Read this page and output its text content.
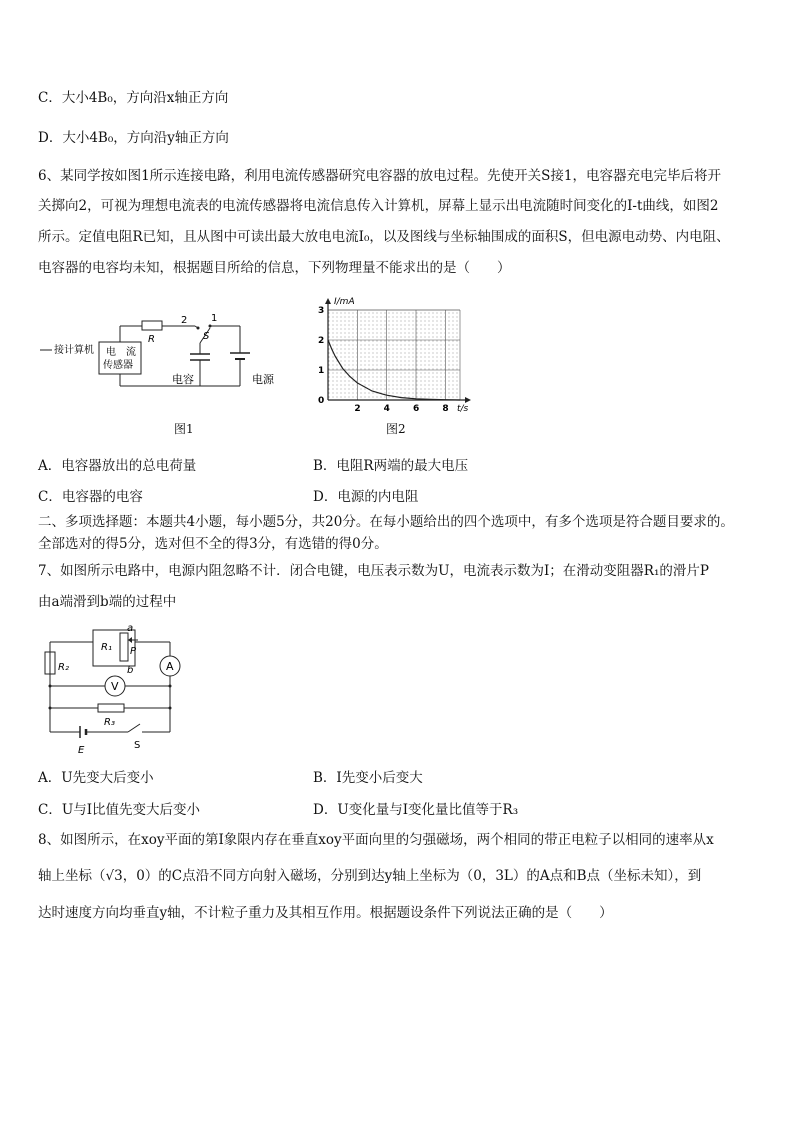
C．大小4B₀，方向沿x轴正方向
D．大小4B₀，方向沿y轴正方向
6、某同学按如图1所示连接电路，利用电流传感器研究电容器的放电过程。先使开关S接1，电容器充电完毕后将开
关掷向2，可视为理想电流表的电流传感器将电流信息传入计算机，屏幕上显示出电流随时间变化的I-t曲线，如图2
所示。定值电阻R已知，且从图中可读出最大放电电流I₀，以及图线与坐标轴围成的面积S，但电源电动势、内电阻、
电容器的电容均未知，根据题目所给的信息，下列物理量不能求出的是（　　）
接计算机 电　流
传感器
R
2 1
S
电容	电源
图1
2	4	6	8
0
1
2
3
I/mA
t/s
图2
A．电容器放出的总电荷量	B．电阻R两端的最大电压
C．电容器的电容	D．电源的内电阻
二、多项选择题：本题共4小题，每小题5分，共20分。在每小题给出的四个选项中，有多个选项是符合题目要求的。
全部选对的得5分，选对但不全的得3分，有选错的得0分。
7、如图所示电路中，电源内阻忽略不计．闭合电键，电压表示数为U，电流表示数为I；在滑动变阻器R₁的滑片P
由a端滑到b端的过程中
a
b
P
R₁
R₂
R₃
A
V
E	S
A．U先变大后变小	B．I先变小后变大
C．U与I比值先变大后变小	D．U变化量与I变化量比值等于R₃
8、如图所示，在xoy平面的第Ⅰ象限内存在垂直xoy平面向里的匀强磁场，两个相同的带正电粒子以相同的速率从x
轴上坐标（√3，0）的C点沿不同方向射入磁场，分别到达y轴上坐标为（0，3L）的A点和B点（坐标未知），到
达时速度方向均垂直y轴，不计粒子重力及其相互作用。根据题设条件下列说法正确的是（　　）
